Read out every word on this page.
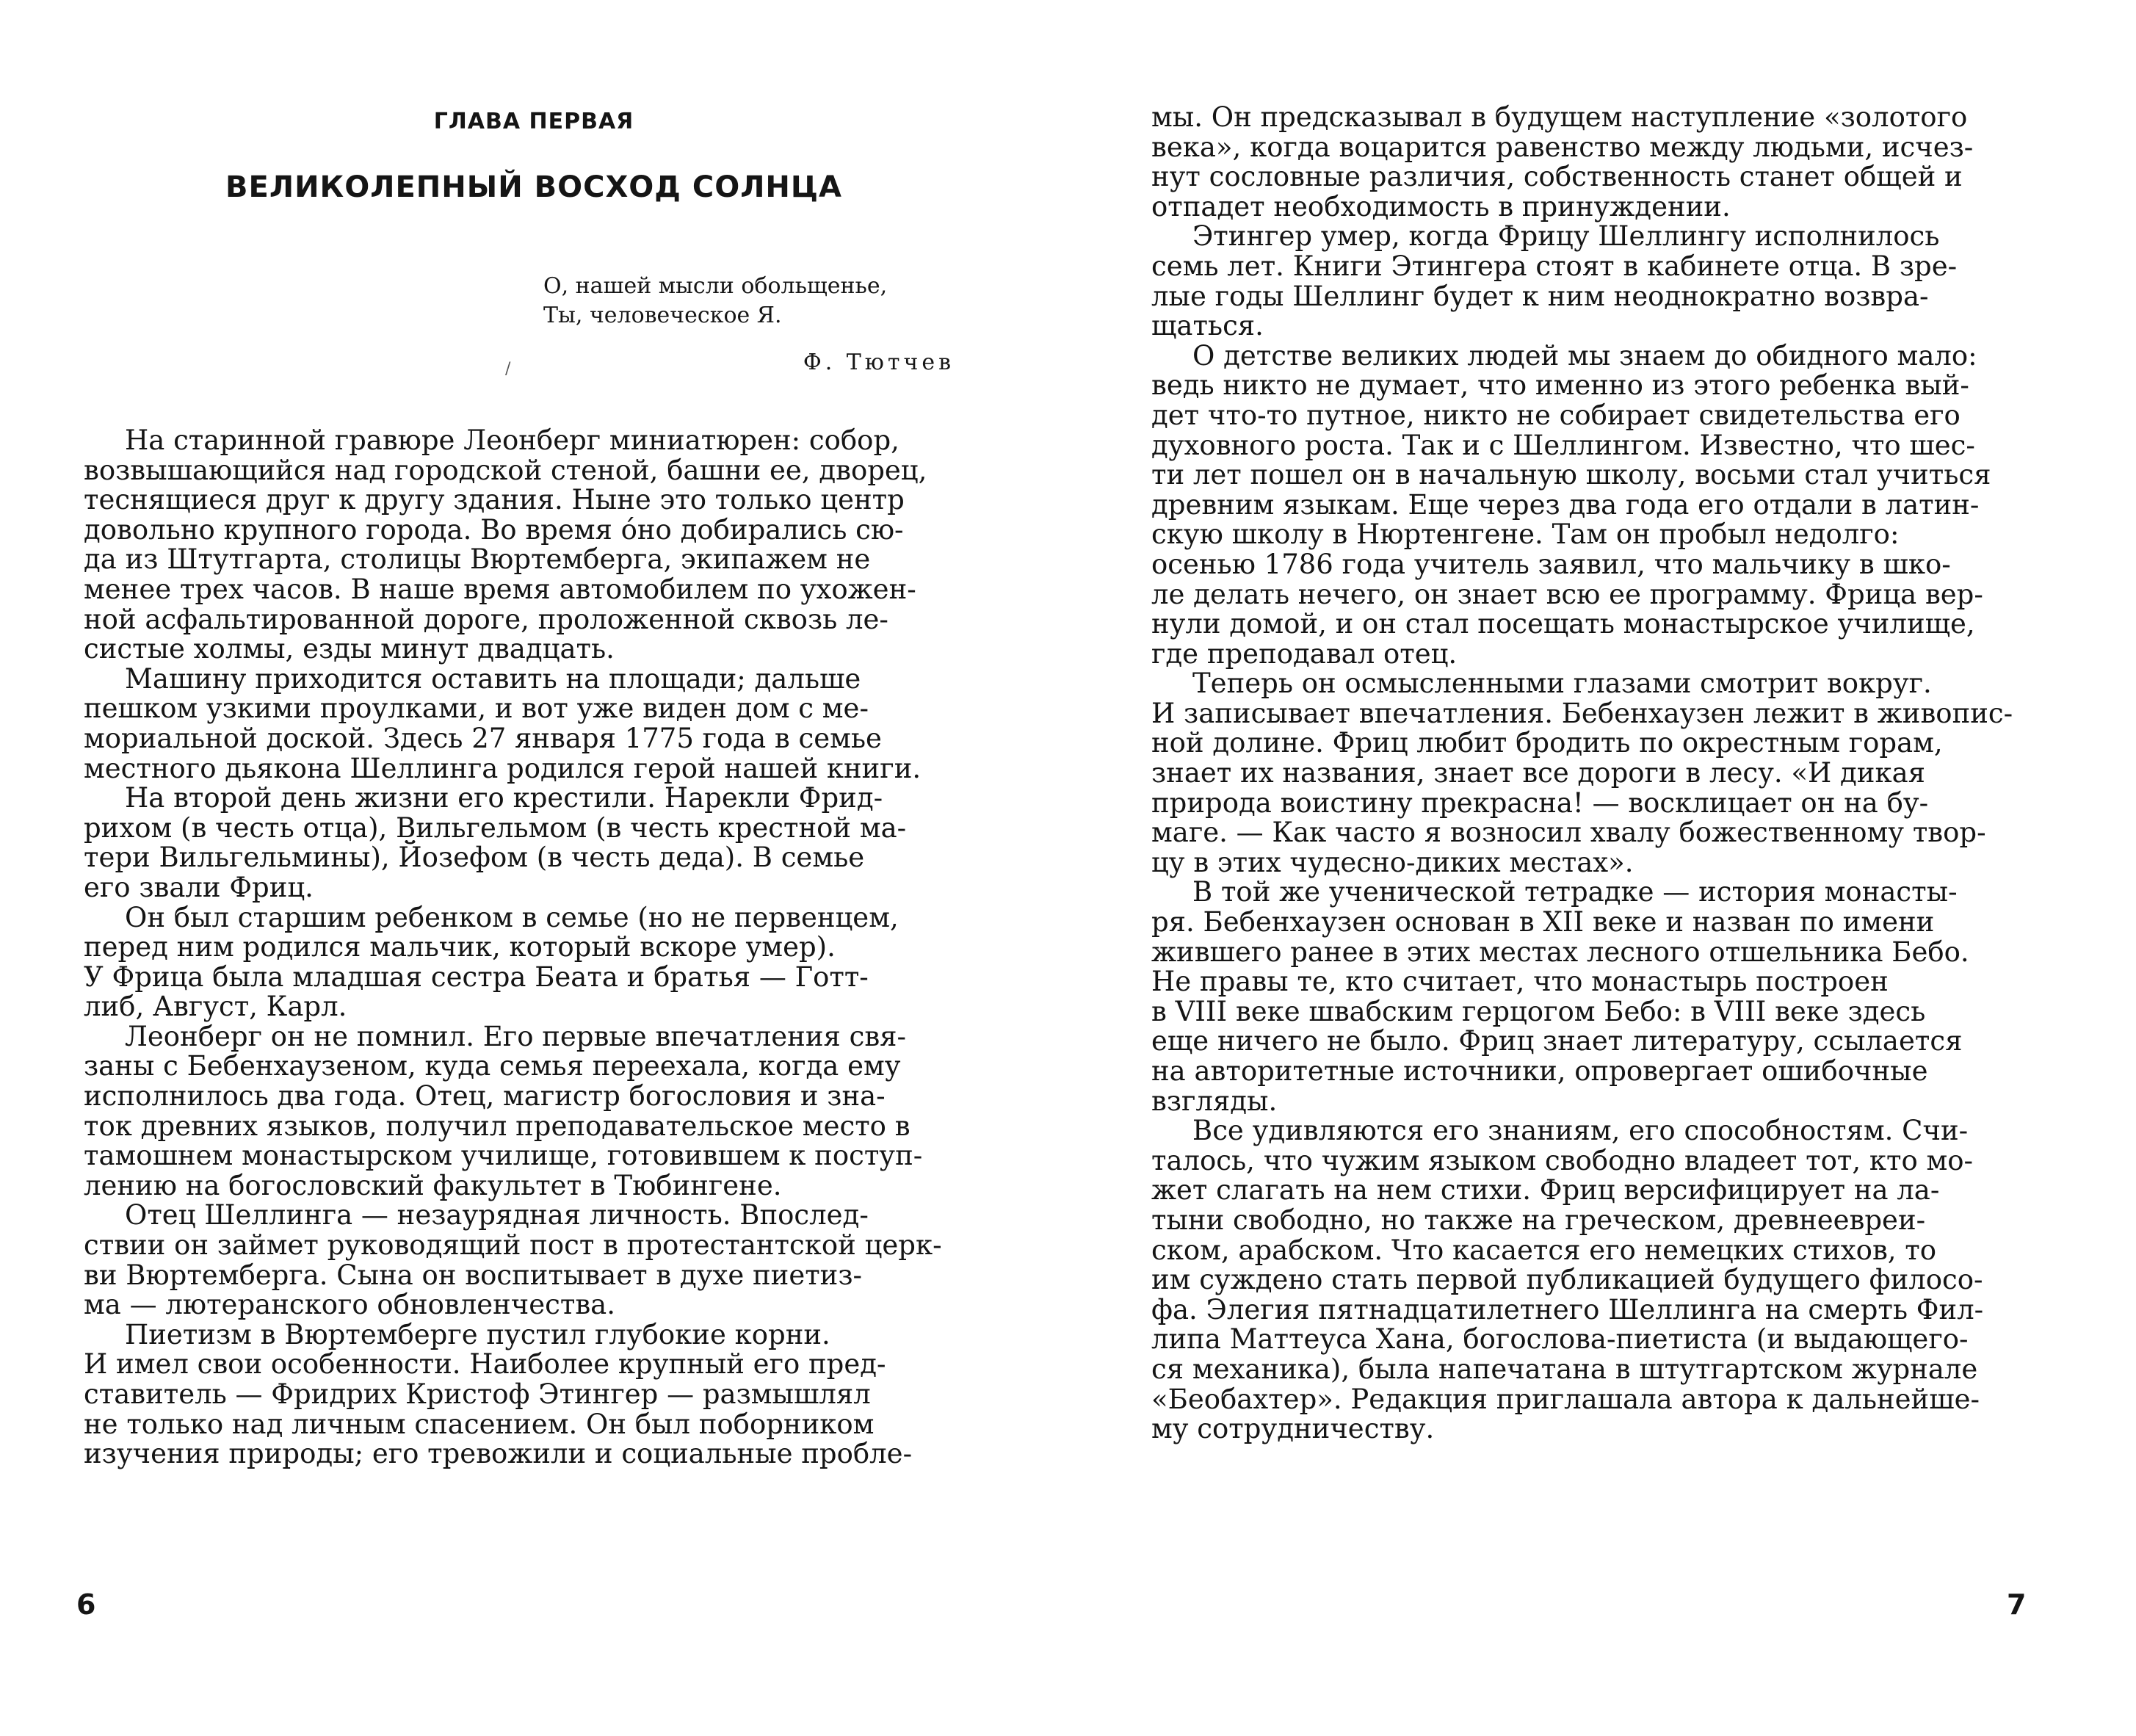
ГЛАВА ПЕРВАЯ
ВЕЛИКОЛЕПНЫЙ ВОСХОД СОЛНЦА
О, нашей мысли обольщенье,
Ты, человеческое Я.
Ф. Тютчев
/
На старинной гравюре Леонберг миниатюрен: собор,
возвышающийся над городской стеной, башни ее, дворец,
теснящиеся друг к другу здания. Ныне это только центр
довольно крупного города. Во время óно добирались сю-
да из Штутгарта, столицы Вюртемберга, экипажем не
менее трех часов. В наше время автомобилем по ухожен-
ной асфальтированной дороге, проложенной сквозь ле-
систые холмы, езды минут двадцать.
Машину приходится оставить на площади; дальше
пешком узкими проулками, и вот уже виден дом с ме-
мориальной доской. Здесь 27 января 1775 года в семье
местного дьякона Шеллинга родился герой нашей книги.
На второй день жизни его крестили. Нарекли Фрид-
рихом (в честь отца), Вильгельмом (в честь крестной ма-
тери Вильгельмины), Йозефом (в честь деда). В семье
его звали Фриц.
Он был старшим ребенком в семье (но не первенцем,
перед ним родился мальчик, который вскоре умер).
У Фрица была младшая сестра Беата и братья — Готт-
либ, Август, Карл.
Леонберг он не помнил. Его первые впечатления свя-
заны с Бебенхаузеном, куда семья переехала, когда ему
исполнилось два года. Отец, магистр богословия и зна-
ток древних языков, получил преподавательское место в
тамошнем монастырском училище, готовившем к поступ-
лению на богословский факультет в Тюбингене.
Отец Шеллинга — незаурядная личность. Впослед-
ствии он займет руководящий пост в протестантской церк-
ви Вюртемберга. Сына он воспитывает в духе пиетиз-
ма — лютеранского обновленчества.
Пиетизм в Вюртемберге пустил глубокие корни.
И имел свои особенности. Наиболее крупный его пред-
ставитель — Фридрих Кристоф Этингер — размышлял
не только над личным спасением. Он был поборником
изучения природы; его тревожили и социальные пробле-
6
мы. Он предсказывал в будущем наступление «золотого
века», когда воцарится равенство между людьми, исчез-
нут сословные различия, собственность станет общей и
отпадет необходимость в принуждении.
Этингер умер, когда Фрицу Шеллингу исполнилось
семь лет. Книги Этингера стоят в кабинете отца. В зре-
лые годы Шеллинг будет к ним неоднократно возвра-
щаться.
О детстве великих людей мы знаем до обидного мало:
ведь никто не думает, что именно из этого ребенка вый-
дет что-то путное, никто не собирает свидетельства его
духовного роста. Так и с Шеллингом. Известно, что шес-
ти лет пошел он в начальную школу, восьми стал учиться
древним языкам. Еще через два года его отдали в латин-
скую школу в Нюртенгене. Там он пробыл недолго:
осенью 1786 года учитель заявил, что мальчику в шко-
ле делать нечего, он знает всю ее программу. Фрица вер-
нули домой, и он стал посещать монастырское училище,
где преподавал отец.
Теперь он осмысленными глазами смотрит вокруг.
И записывает впечатления. Бебенхаузен лежит в живопис-
ной долине. Фриц любит бродить по окрестным горам,
знает их названия, знает все дороги в лесу. «И дикая
природа воистину прекрасна! — восклицает он на бу-
маге. — Как часто я возносил хвалу божественному твор-
цу в этих чудесно-диких местах».
В той же ученической тетрадке — история монасты-
ря. Бебенхаузен основан в XII веке и назван по имени
жившего ранее в этих местах лесного отшельника Бебо.
Не правы те, кто считает, что монастырь построен
в VIII веке швабским герцогом Бебо: в VIII веке здесь
еще ничего не было. Фриц знает литературу, ссылается
на авторитетные источники, опровергает ошибочные
взгляды.
Все удивляются его знаниям, его способностям. Счи-
талось, что чужим языком свободно владеет тот, кто мо-
жет слагать на нем стихи. Фриц версифицирует на ла-
тыни свободно, но также на греческом, древнеевреи-
ском, арабском. Что касается его немецких стихов, то
им суждено стать первой публикацией будущего филосо-
фа. Элегия пятнадцатилетнего Шеллинга на смерть Фил-
липа Маттеуса Хана, богослова-пиетиста (и выдающего-
ся механика), была напечатана в штутгартском журнале
«Беобахтер». Редакция приглашала автора к дальнейше-
му сотрудничеству.
7
